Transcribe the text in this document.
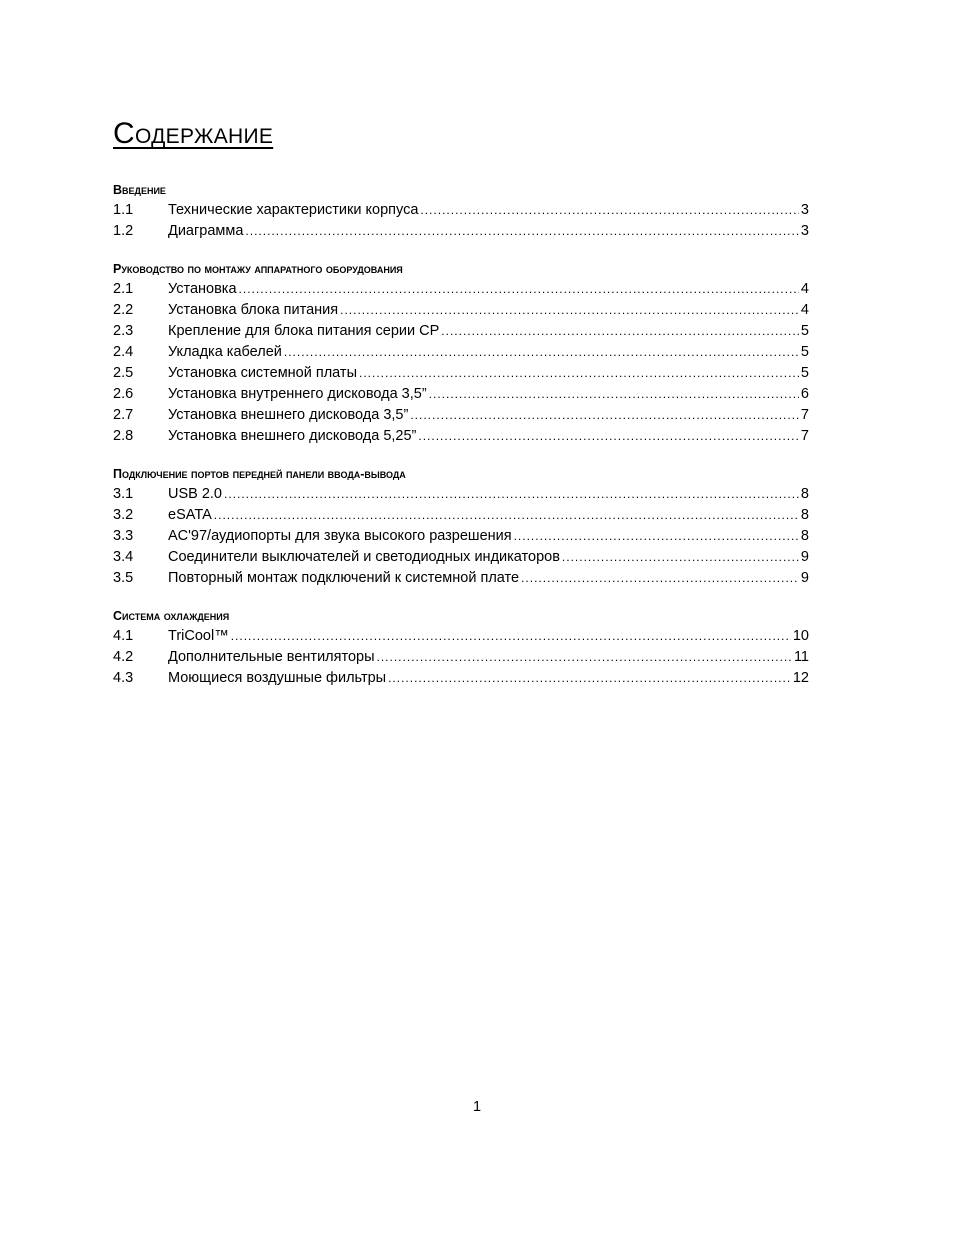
Содержание
Введение
1.1	Технические характеристики корпуса .....	3
1.2	Диаграмма .....	3
Руководство по монтажу аппаратного оборудования
2.1	Установка .....	4
2.2	Установка блока питания .....	4
2.3	Крепление для блока питания серии CP .....	5
2.4	Укладка кабелей .....	5
2.5	Установка системной платы .....	5
2.6	Установка внутреннего дисковода 3,5” .....	6
2.7	Установка внешнего дисковода 3,5” .....	7
2.8	Установка внешнего дисковода 5,25” .....	7
Подключение портов передней панели ввода-вывода
3.1	USB 2.0 .....	8
3.2	eSATA .....	8
3.3	AC'97/аудиопорты для звука высокого разрешения .....	8
3.4	Соединители выключателей и светодиодных индикаторов .....	9
3.5	Повторный монтаж подключений к системной плате .....	9
Система охлаждения
4.1	TriCool™ .....	10
4.2	Дополнительные вентиляторы .....	11
4.3	Моющиеся воздушные фильтры .....	12
1
